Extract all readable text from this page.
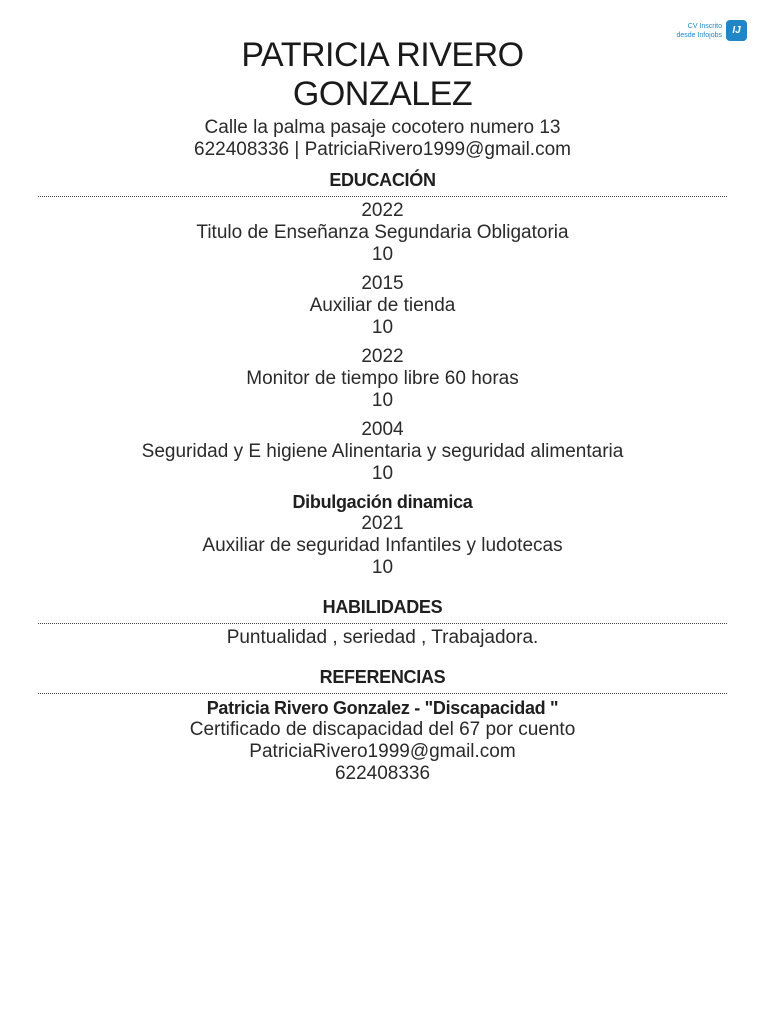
CV Inscrito
desde Infojobs	IJ
PATRICIA RIVERO GONZALEZ
Calle la palma pasaje cocotero numero 13
622408336 | PatriciaRivero1999@gmail.com
EDUCACIÓN
2022
Titulo de Enseñanza Segundaria Obligatoria
10
2015
Auxiliar de tienda
10
2022
Monitor de tiempo libre 60 horas
10
2004
Seguridad y E higiene Alinentaria y seguridad alimentaria
10
Dibulgación dinamica
2021
Auxiliar de seguridad Infantiles y ludotecas
10
HABILIDADES
Puntualidad , seriedad , Trabajadora.
REFERENCIAS
Patricia Rivero Gonzalez - "Discapacidad "
Certificado de discapacidad del 67 por cuento
PatriciaRivero1999@gmail.com
622408336
